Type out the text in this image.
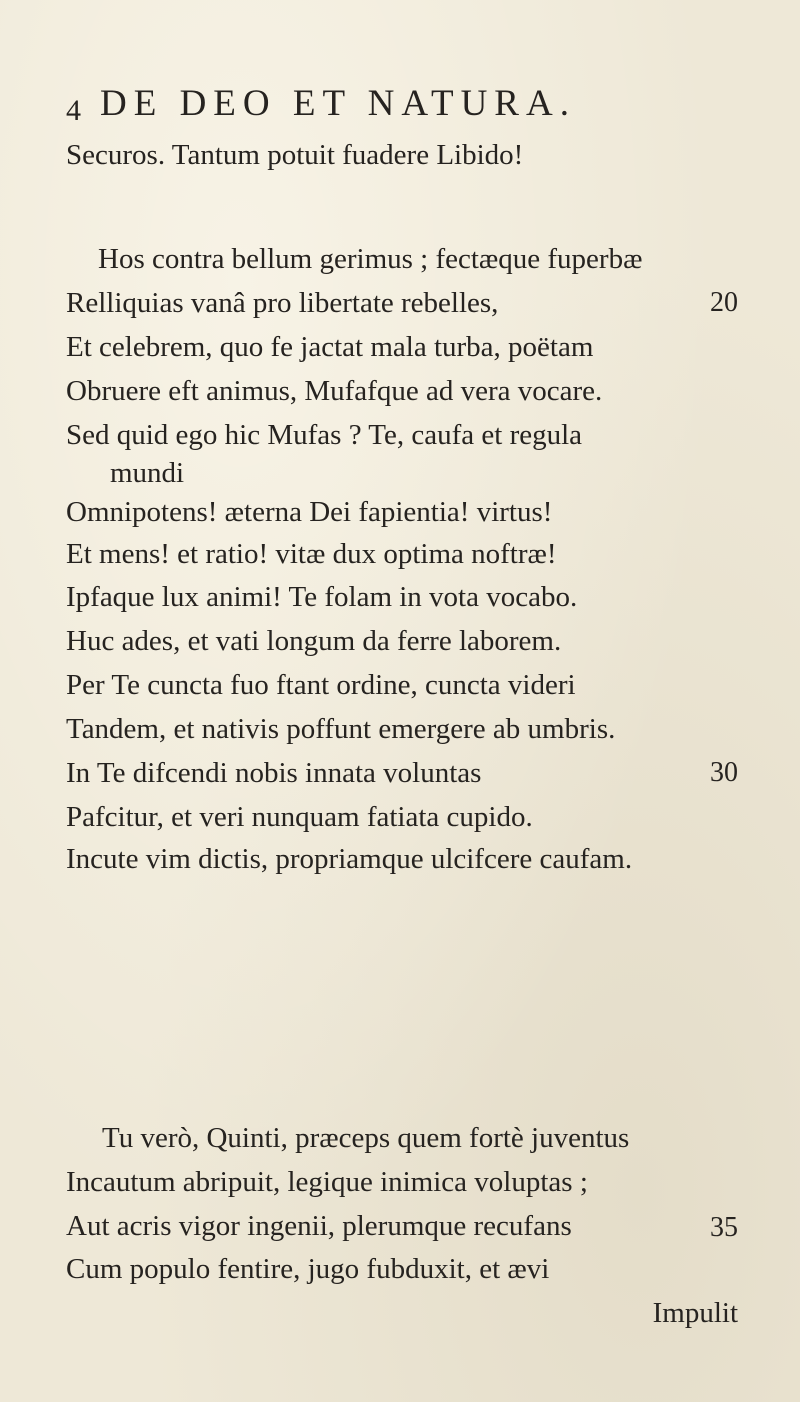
4 DE DEO ET NATURA.
Securos. Tantum potuit fuadere Libido!
Hos contra bellum gerimus ; fectæque fuperbæ
Relliquias vanâ pro libertate rebelles,	20
Et celebrem, quo fe jactat mala turba, poëtam
Obruere eft animus, Mufafque ad vera vocare.
Sed quid ego hic Mufas ? Te, caufa et regula
mundi
Omnipotens! æterna Dei fapientia! virtus!
Et mens! et ratio! vitæ dux optima noftræ!
Ipfaque lux animi! Te folam in vota vocabo.
Huc ades, et vati longum da ferre laborem.
Per Te cuncta fuo ftant ordine, cuncta videri
Tandem, et nativis poffunt emergere ab umbris.
In Te difcendi nobis innata voluntas	30
Pafcitur, et veri nunquam fatiata cupido.
Incute vim dictis, propriamque ulcifcere caufam.
Tu verò, Quinti, præceps quem fortè juventus
Incautum abripuit, legique inimica voluptas ;
Aut acris vigor ingenii, plerumque recufans	35
Cum populo fentire, jugo fubduxit, et ævi
Impulit
